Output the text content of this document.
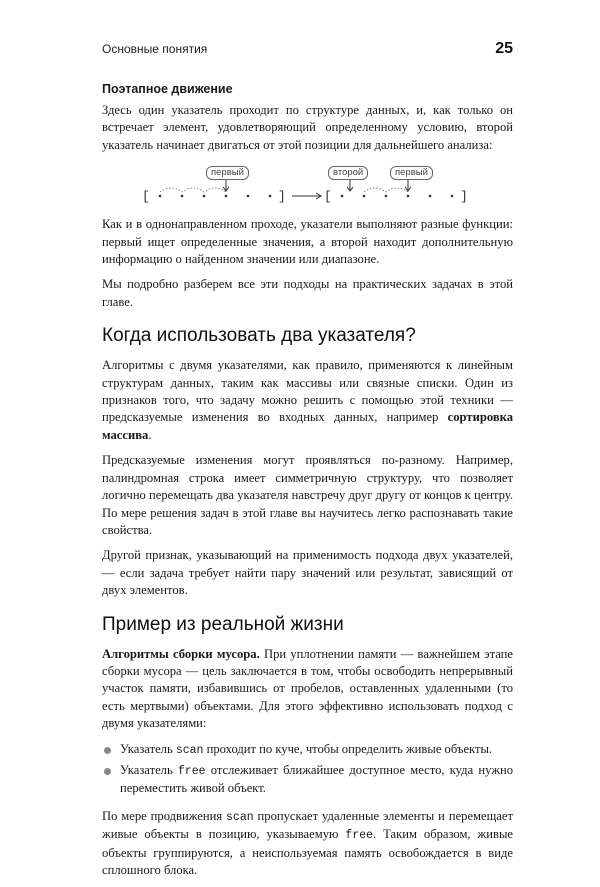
Основные понятия	25
Поэтапное движение

Здесь один указатель проходит по структуре данных, и, как только он встречает элемент, удовлетворяющий определенному условию, второй указатель начинает двигаться от этой позиции для дальнейшего анализа:

[	]	[	]
первый	второй	первый

Как и в однонаправленном проходе, указатели выполняют разные функции: первый ищет определенные значения, а второй находит дополнительную информацию о найденном значении или диапазоне.

Мы подробно разберем все эти подходы на практических задачах в этой главе.

Когда использовать два указателя?

Алгоритмы с двумя указателями, как правило, применяются к линейным структурам данных, таким как массивы или связные списки. Один из признаков того, что задачу можно решить с помощью этой техники — предсказуемые изменения во входных данных, например сортировка массива.

Предсказуемые изменения могут проявляться по-разному. Например, палиндромная строка имеет симметричную структуру, что позволяет логично перемещать два указателя навстречу друг другу от концов к центру. По мере решения задач в этой главе вы научитесь легко распознавать такие свойства.

Другой признак, указывающий на применимость подхода двух указателей, — если задача требует найти пару значений или результат, зависящий от двух элементов.

Пример из реальной жизни

Алгоритмы сборки мусора. При уплотнении памяти — важнейшем этапе сборки мусора — цель заключается в том, чтобы освободить непрерывный участок памяти, избавившись от пробелов, оставленных удаленными (то есть мертвыми) объектами. Для этого эффективно использовать подход с двумя указателями:

Указатель scan проходит по куче, чтобы определить живые объекты.
Указатель free отслеживает ближайшее доступное место, куда нужно переместить живой объект.

По мере продвижения scan пропускает удаленные элементы и перемещает живые объекты в позицию, указываемую free. Таким образом, живые объекты группируются, а неиспользуемая память освобождается в виде сплошного блока.
